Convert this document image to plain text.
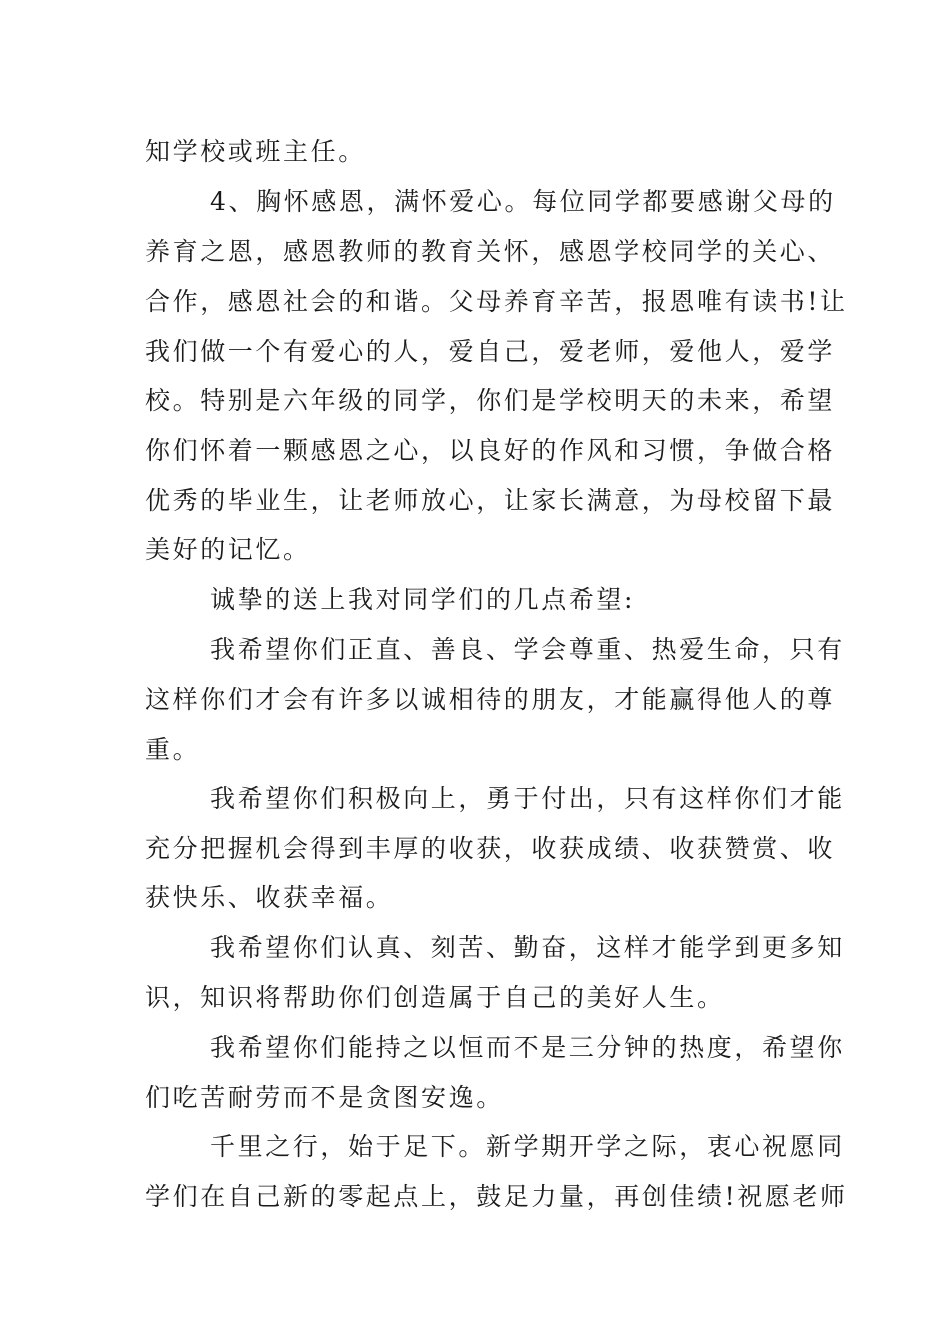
知学校或班主任。
4、胸怀感恩，满怀爱心。每位同学都要感谢父母的
养育之恩，感恩教师的教育关怀，感恩学校同学的关心、
合作，感恩社会的和谐。父母养育辛苦，报恩唯有读书!让
我们做一个有爱心的人，爱自己，爱老师，爱他人，爱学
校。特别是六年级的同学，你们是学校明天的未来，希望
你们怀着一颗感恩之心，以良好的作风和习惯，争做合格
优秀的毕业生，让老师放心，让家长满意，为母校留下最
美好的记忆。
诚挚的送上我对同学们的几点希望:
我希望你们正直、善良、学会尊重、热爱生命，只有
这样你们才会有许多以诚相待的朋友，才能赢得他人的尊
重。
我希望你们积极向上，勇于付出，只有这样你们才能
充分把握机会得到丰厚的收获，收获成绩、收获赞赏、收
获快乐、收获幸福。
我希望你们认真、刻苦、勤奋，这样才能学到更多知
识，知识将帮助你们创造属于自己的美好人生。
我希望你们能持之以恒而不是三分钟的热度，希望你
们吃苦耐劳而不是贪图安逸。
千里之行，始于足下。新学期开学之际，衷心祝愿同
学们在自己新的零起点上，鼓足力量，再创佳绩!祝愿老师
